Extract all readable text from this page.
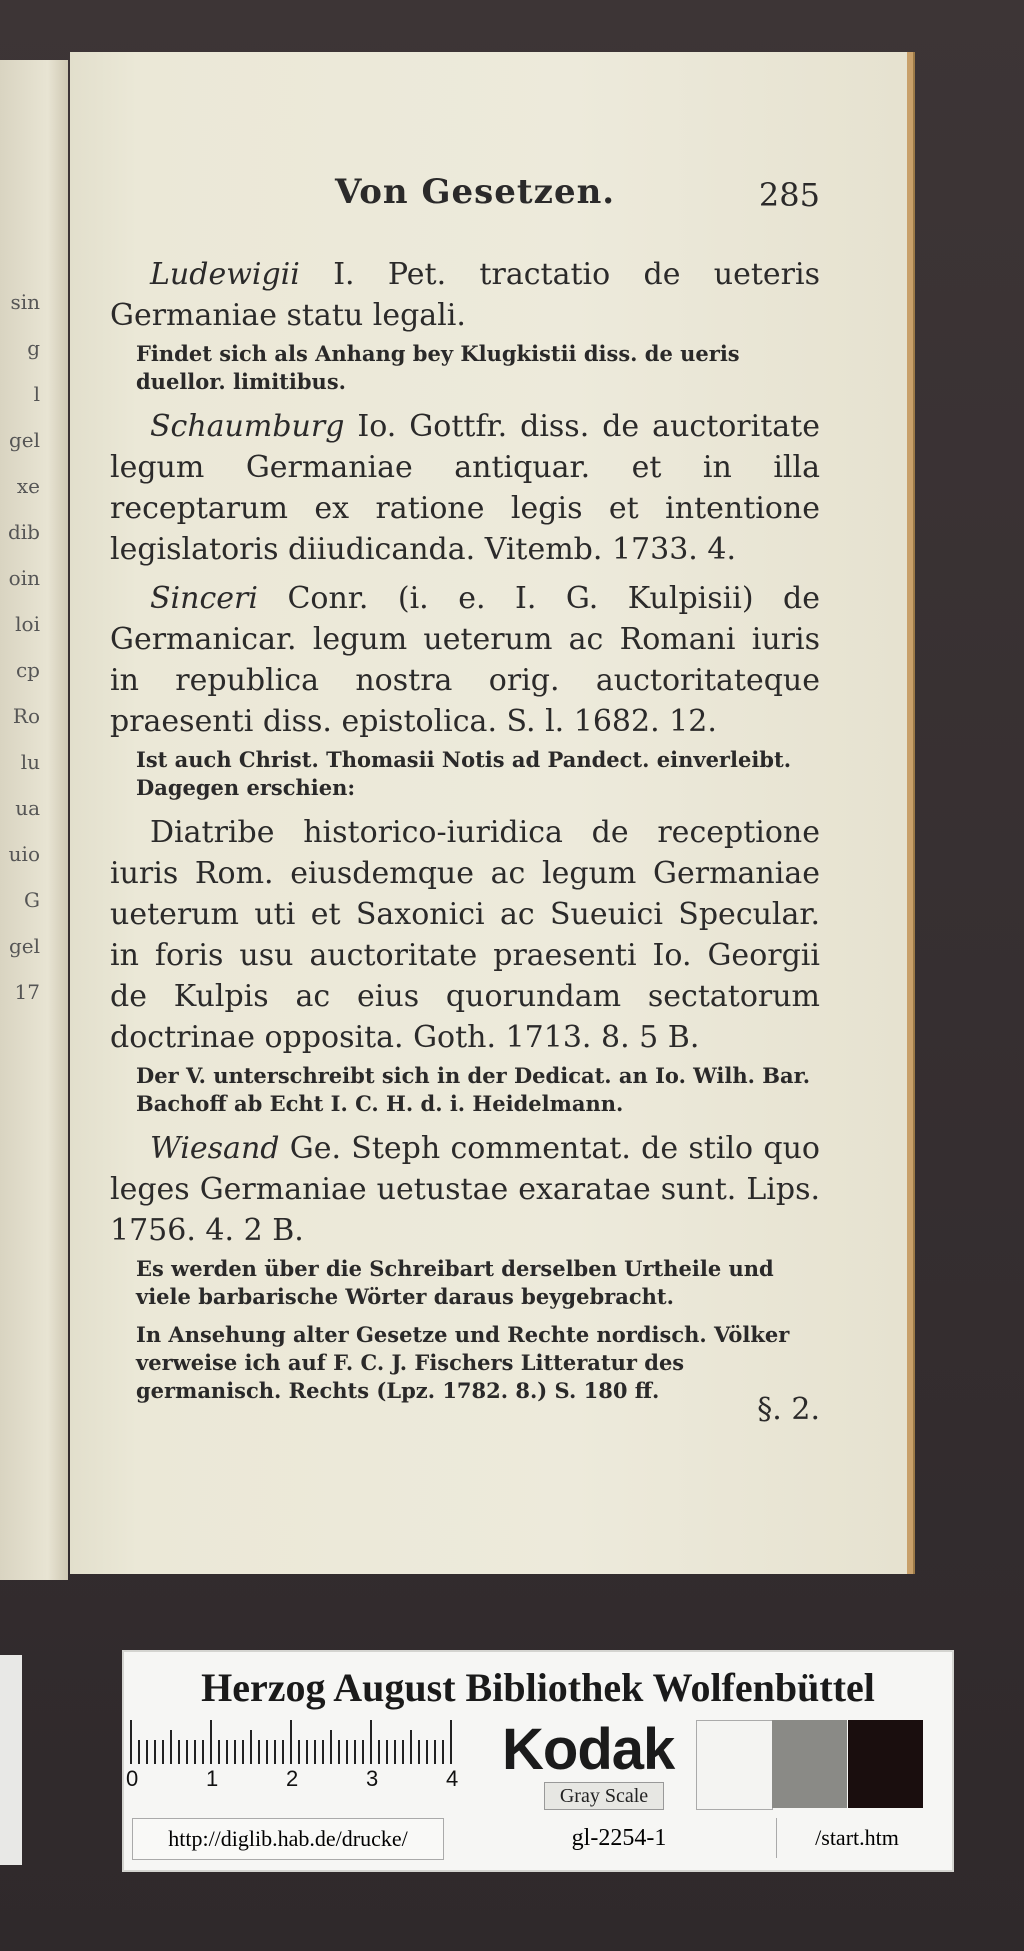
sin
g
l
gel
xe
dib
oin
loi
cp
Ro
lu
ua
uio
G
gel
17
Von Gesetzen.	285

Ludewigii I. Pet. tractatio de ueteris Germaniae statu legali.

Findet sich als Anhang bey Klugkistii diss. de ueris duellor. limitibus.

Schaumburg Io. Gottfr. diss. de auctoritate legum Germaniae antiquar. et in illa receptarum ex ratione legis et intentione legislatoris diiudicanda. Vitemb. 1733. 4.

Sinceri Conr. (i. e. I. G. Kulpisii) de Germanicar. legum ueterum ac Romani iuris in republica nostra orig. auctoritateque praesenti diss. epistolica. S. l. 1682. 12.

Ist auch Christ. Thomasii Notis ad Pandect. einverleibt. Dagegen erschien:

Diatribe historico-iuridica de receptione iuris Rom. eiusdemque ac legum Germaniae ueterum uti et Saxonici ac Sueuici Specular. in foris usu auctoritate praesenti Io. Georgii de Kulpis ac eius quorundam sectatorum doctrinae opposita. Goth. 1713. 8. 5 B.

Der V. unterschreibt sich in der Dedicat. an Io. Wilh. Bar. Bachoff ab Echt I. C. H. d. i. Heidelmann.

Wiesand Ge. Steph commentat. de stilo quo leges Germaniae uetustae exaratae sunt. Lips. 1756. 4. 2 B.

Es werden über die Schreibart derselben Urtheile und viele barbarische Wörter daraus beygebracht.

In Ansehung alter Gesetze und Rechte nordisch. Völker verweise ich auf F. C. J. Fischers Litteratur des germanisch. Rechts (Lpz. 1782. 8.) S. 180 ff.

§. 2.
Herzog August Bibliothek Wolfenbüttel
0	1	2	3	4 Kodak
Gray Scale
http://diglib.hab.de/drucke/	gl-2254-1	/start.htm
